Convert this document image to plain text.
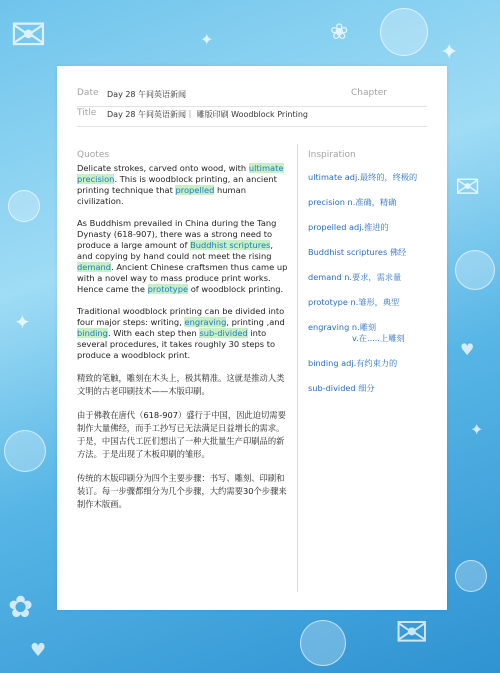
✉
✉
✉
✦
✦
✦
✦
♥
♥
✿
❀
Date Day 28 午间英语新闻	Chapter
Title Day 28 午间英语新闻｜ 雕版印刷 Woodblock Printing
Quotes

Delicate strokes, carved onto wood, with ultimate precision. This is woodblock printing, an ancient printing technique that propelled human civilization.

As Buddhism prevailed in China during the Tang Dynasty (618-907), there was a strong need to produce a large amount of Buddhist scriptures, and copying by hand could not meet the rising demand. Ancient Chinese craftsmen thus came up with a novel way to mass produce print works. Hence came the prototype of woodblock printing.

Traditional woodblock printing can be divided into four major steps: writing, engraving, printing ,and binding. With each step then sub-divided into several procedures, it takes roughly 30 steps to produce a woodblock print.

精致的笔触，雕刻在木头上，极其精准。这就是推动人类文明的古老印刷技术——木版印刷。

由于佛教在唐代（618-907）盛行于中国，因此迫切需要制作大量佛经，而手工抄写已无法满足日益增长的需求。于是，中国古代工匠们想出了一种大批量生产印刷品的新方法。于是出现了木板印刷的雏形。

传统的木版印刷分为四个主要步骤：书写、雕刻、印刷和装订。每一步骤都细分为几个步骤，大约需要30个步骤来制作木版画。

Inspiration
ultimate adj.最终的，终极的
precision n.准确，精确
propelled adj.推进的
Buddhist scriptures 佛经
demand n.要求，需求量
prototype n.雏形，典型
engraving n.雕刻
v.在.....上雕刻
binding adj.有约束力的
sub-divided 细分
